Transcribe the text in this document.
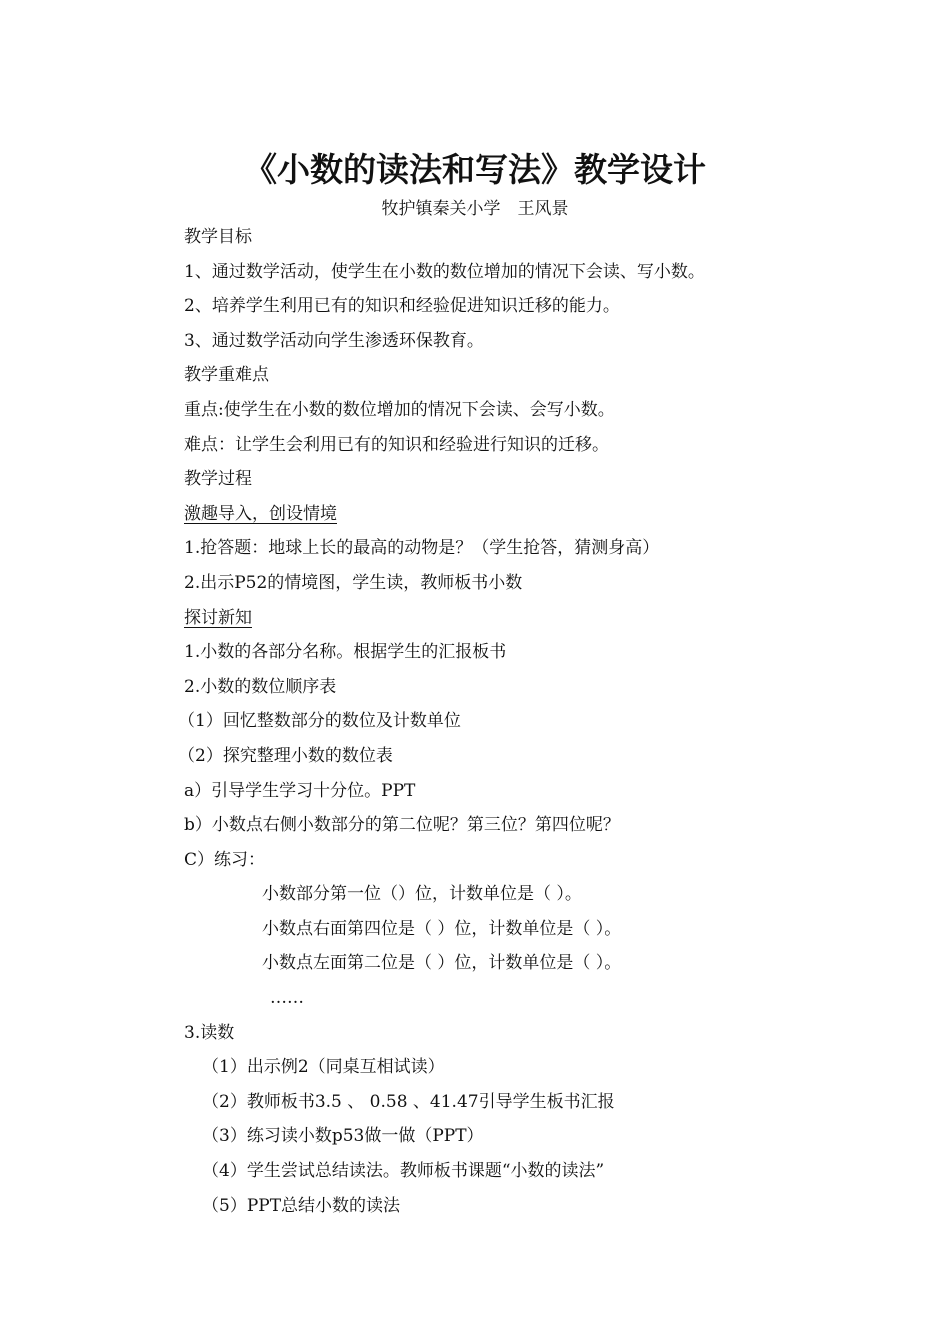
《小数的读法和写法》教学设计
牧护镇秦关小学　王风景
教学目标
1、通过数学活动，使学生在小数的数位增加的情况下会读、写小数。
2、培养学生利用已有的知识和经验促进知识迁移的能力。
3、通过数学活动向学生渗透环保教育。
教学重难点
重点:使学生在小数的数位增加的情况下会读、会写小数。
难点：让学生会利用已有的知识和经验进行知识的迁移。
教学过程
激趣导入，创设情境
1.抢答题：地球上长的最高的动物是？（学生抢答，猜测身高）
2.出示P52的情境图，学生读，教师板书小数
探讨新知
1.小数的各部分名称。根据学生的汇报板书
2.小数的数位顺序表
（1）回忆整数部分的数位及计数单位
（2）探究整理小数的数位表
a）引导学生学习十分位。PPT
b）小数点右侧小数部分的第二位呢？第三位？第四位呢？
C）练习：
小数部分第一位（）位，计数单位是（ ）。
小数点右面第四位是（ ）位，计数单位是（ ）。
小数点左面第二位是（ ）位，计数单位是（ ）。
……
3.读数
（1）出示例2（同桌互相试读）
（2）教师板书3.5 、 0.58 、41.47引导学生板书汇报
（3）练习读小数p53做一做（PPT）
（4）学生尝试总结读法。教师板书课题“小数的读法”
（5）PPT总结小数的读法
